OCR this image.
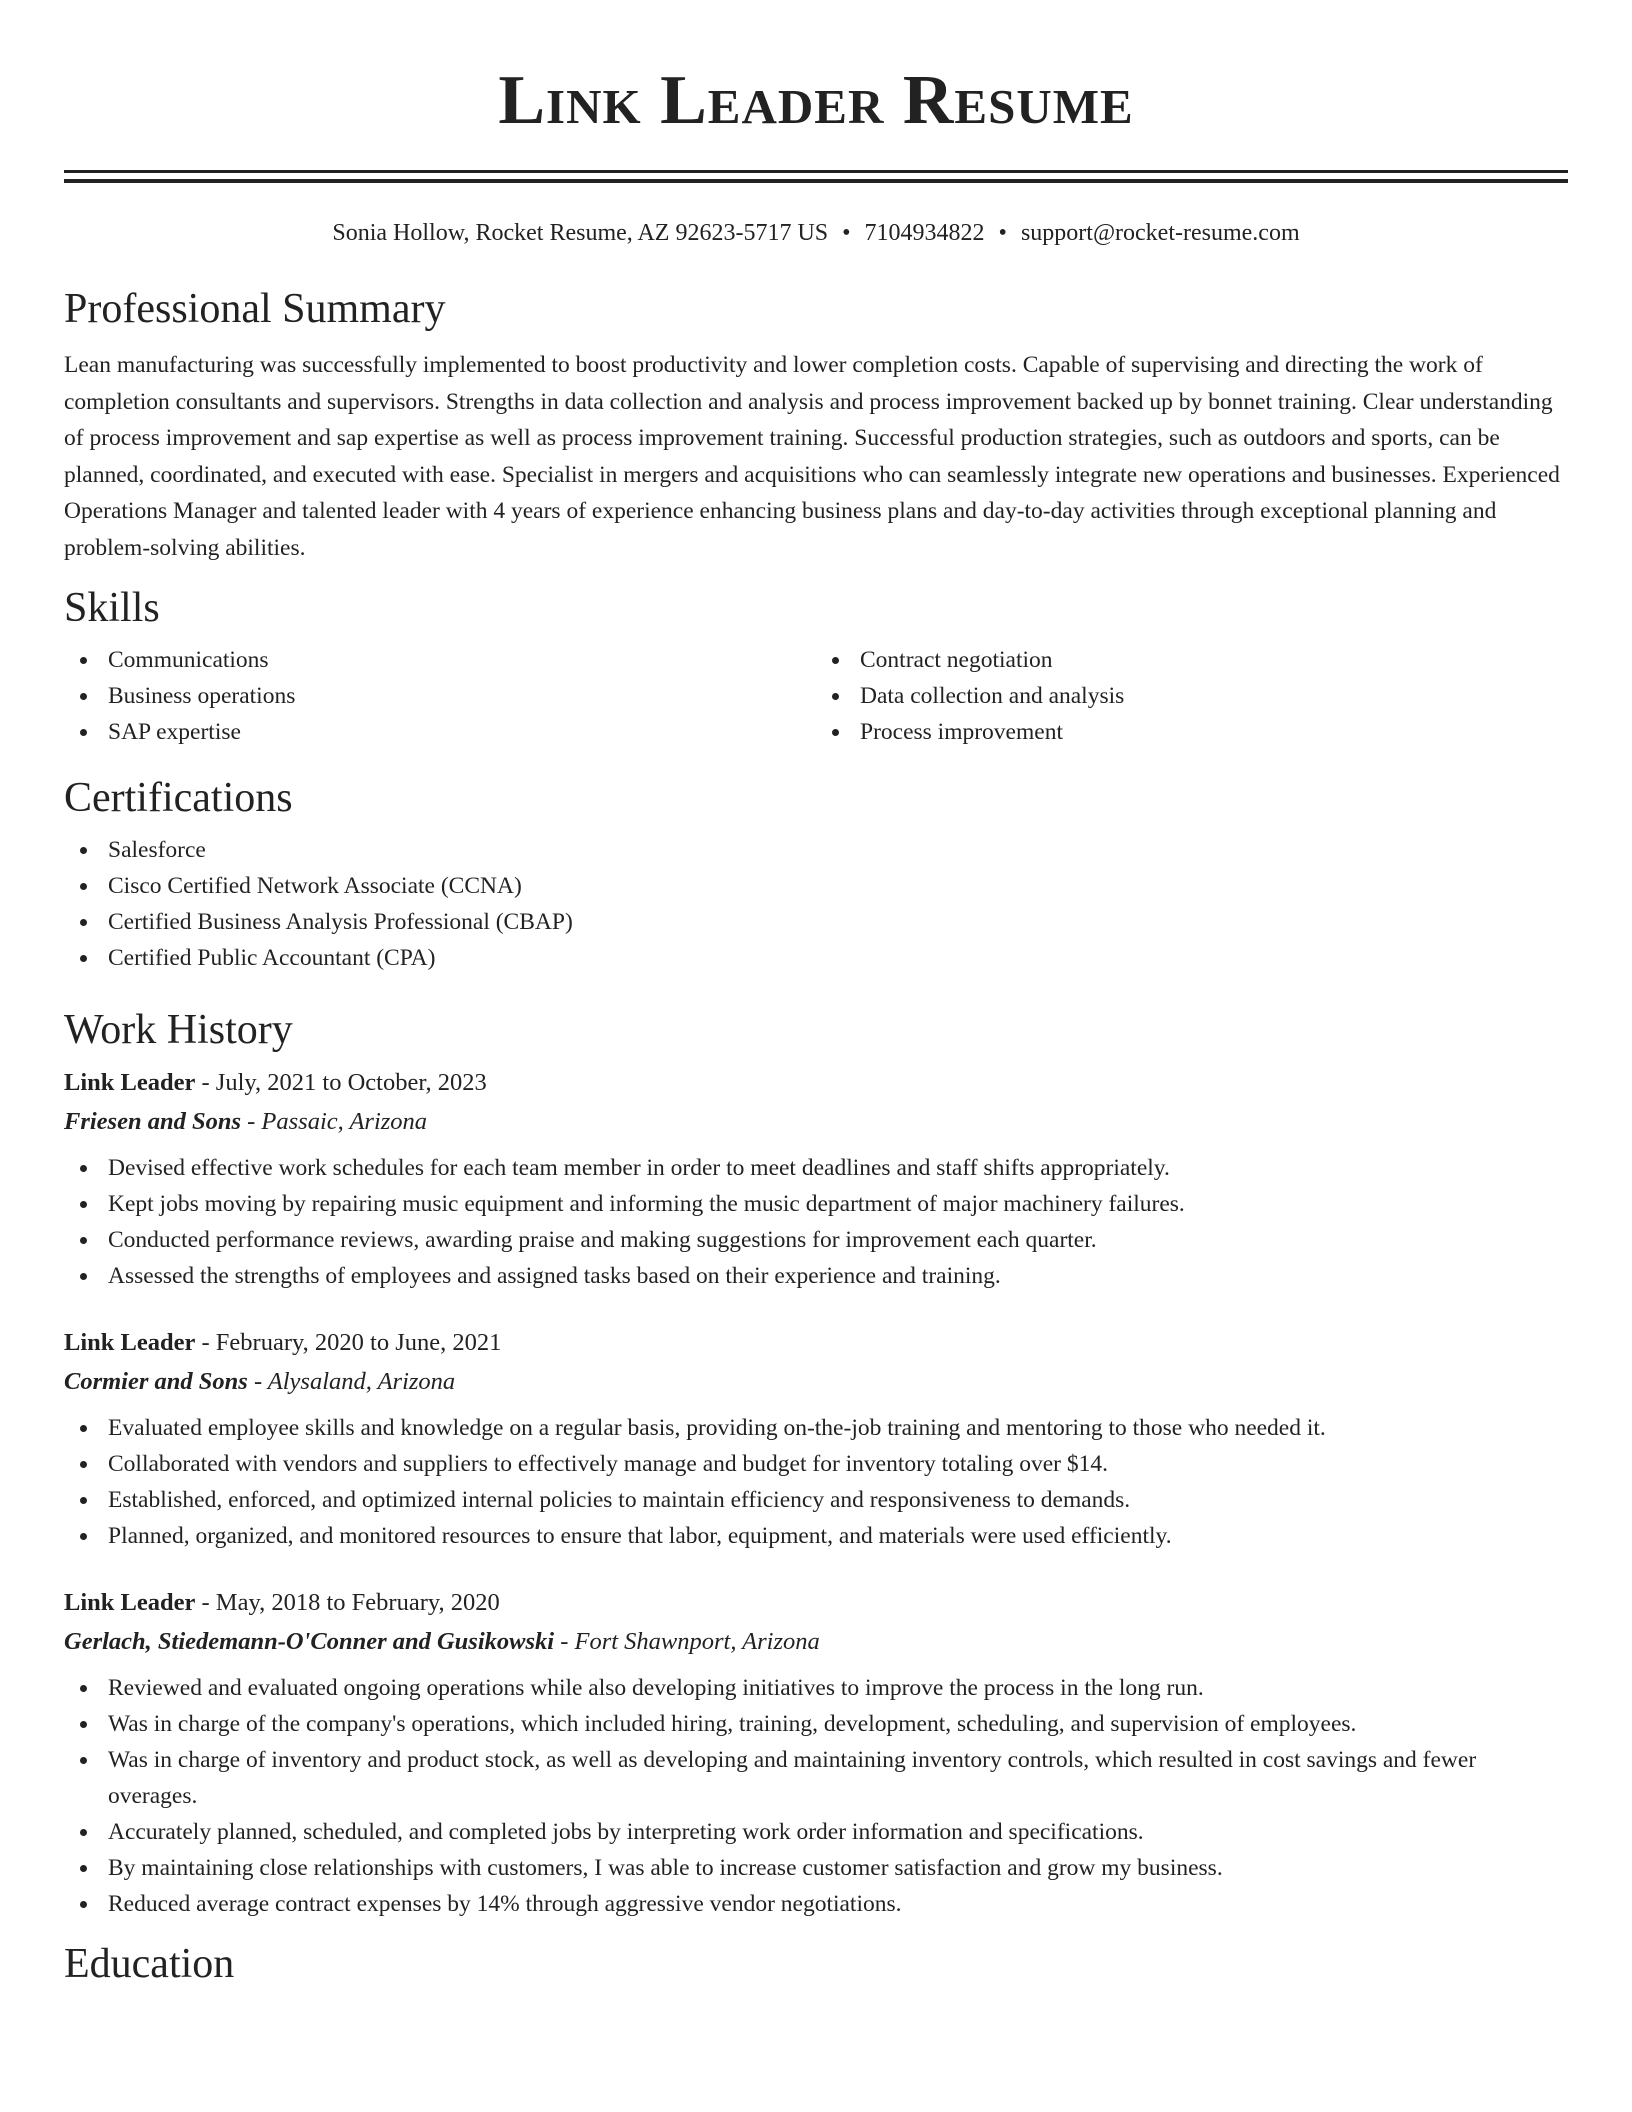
Link Leader Resume
Sonia Hollow, Rocket Resume, AZ 92623-5717 US • 7104934822 • support@rocket-resume.com
Professional Summary

Lean manufacturing was successfully implemented to boost productivity and lower completion costs. Capable of supervising and directing the work of completion consultants and supervisors. Strengths in data collection and analysis and process improvement backed up by bonnet training. Clear understanding of process improvement and sap expertise as well as process improvement training. Successful production strategies, such as outdoors and sports, can be planned, coordinated, and executed with ease. Specialist in mergers and acquisitions who can seamlessly integrate new operations and businesses. Experienced Operations Manager and talented leader with 4 years of experience enhancing business plans and day-to-day activities through exceptional planning and problem-solving abilities.

Skills
Communications
Business operations
SAP expertise
Contract negotiation
Data collection and analysis
Process improvement
Certifications
Salesforce
Cisco Certified Network Associate (CCNA)
Certified Business Analysis Professional (CBAP)
Certified Public Accountant (CPA)
Work History
Link Leader - July, 2021 to October, 2023
Friesen and Sons - Passaic, Arizona
Devised effective work schedules for each team member in order to meet deadlines and staff shifts appropriately.
Kept jobs moving by repairing music equipment and informing the music department of major machinery failures.
Conducted performance reviews, awarding praise and making suggestions for improvement each quarter.
Assessed the strengths of employees and assigned tasks based on their experience and training.
Link Leader - February, 2020 to June, 2021
Cormier and Sons - Alysaland, Arizona
Evaluated employee skills and knowledge on a regular basis, providing on-the-job training and mentoring to those who needed it.
Collaborated with vendors and suppliers to effectively manage and budget for inventory totaling over $14.
Established, enforced, and optimized internal policies to maintain efficiency and responsiveness to demands.
Planned, organized, and monitored resources to ensure that labor, equipment, and materials were used efficiently.
Link Leader - May, 2018 to February, 2020
Gerlach, Stiedemann-O'Conner and Gusikowski - Fort Shawnport, Arizona
Reviewed and evaluated ongoing operations while also developing initiatives to improve the process in the long run.
Was in charge of the company's operations, which included hiring, training, development, scheduling, and supervision of employees.
Was in charge of inventory and product stock, as well as developing and maintaining inventory controls, which resulted in cost savings and fewer overages.
Accurately planned, scheduled, and completed jobs by interpreting work order information and specifications.
By maintaining close relationships with customers, I was able to increase customer satisfaction and grow my business.
Reduced average contract expenses by 14% through aggressive vendor negotiations.
Education
